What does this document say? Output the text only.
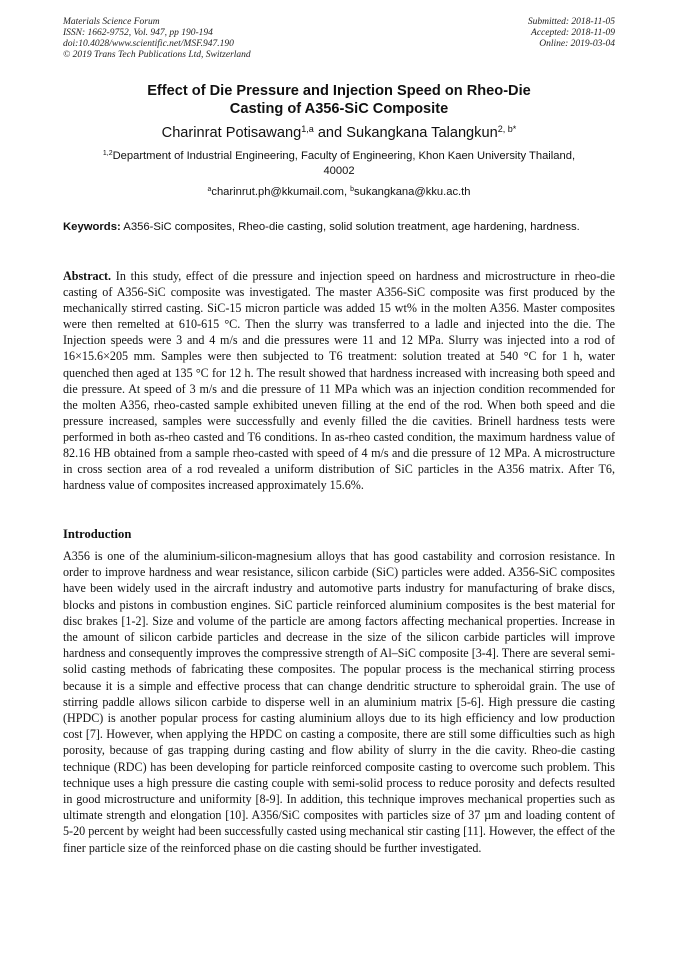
Materials Science Forum
ISSN: 1662-9752, Vol. 947, pp 190-194
doi:10.4028/www.scientific.net/MSF.947.190
© 2019 Trans Tech Publications Ltd, Switzerland
Submitted: 2018-11-05
Accepted: 2018-11-09
Online: 2019-03-04
Effect of Die Pressure and Injection Speed on Rheo-Die
Casting of A356-SiC Composite
Charinrat Potisawang$^{1,a}$ and Sukangkana Talangkun$^{2, b*}$
$^{1,2}$Department of Industrial Engineering, Faculty of Engineering, Khon Kaen University Thailand,
40002
$^a$charinrut.ph@kkumail.com, $^b$sukangkana@kku.ac.th
Keywords: A356-SiC composites, Rheo-die casting, solid solution treatment, age hardening, hardness.
Abstract. In this study, effect of die pressure and injection speed on hardness and microstructure in rheo-die casting of A356-SiC composite was investigated. The master A356-SiC composite was first produced by the mechanically stirred casting. SiC-15 micron particle was added 15 wt% in the molten A356. Master composites were then remelted at 610-615 °C. Then the slurry was transferred to a ladle and injected into the die. The Injection speeds were 3 and 4 m/s and die pressures were 11 and 12 MPa. Slurry was injected into a rod of 16×15.6×205 mm. Samples were then subjected to T6 treatment: solution treated at 540 °C for 1 h, water quenched then aged at 135 °C for 12 h. The result showed that hardness increased with increasing both speed and die pressure. At speed of 3 m/s and die pressure of 11 MPa which was an injection condition recommended for the molten A356, rheo-casted sample exhibited uneven filling at the end of the rod. When both speed and die pressure increased, samples were successfully and evenly filled the die cavities. Brinell hardness tests were performed in both as-rheo casted and T6 conditions. In as-rheo casted condition, the maximum hardness value of 82.16 HB obtained from a sample rheo-casted with speed of 4 m/s and die pressure of 12 MPa. A microstructure in cross section area of a rod revealed a uniform distribution of SiC particles in the A356 matrix. After T6, hardness value of composites increased approximately 15.6%.
Introduction
A356 is one of the aluminium-silicon-magnesium alloys that has good castability and corrosion resistance. In order to improve hardness and wear resistance, silicon carbide (SiC) particles were added. A356-SiC composites have been widely used in the aircraft industry and automotive parts industry for manufacturing of brake discs, blocks and pistons in combustion engines. SiC particle reinforced aluminium composites is the best material for disc brakes [1-2]. Size and volume of the particle are among factors affecting mechanical properties. Increase in the amount of silicon carbide particles and decrease in the size of the silicon carbide particles will improve hardness and consequently improves the compressive strength of Al–SiC composite [3-4]. There are several semi-solid casting methods of fabricating these composites. The popular process is the mechanical stirring process because it is a simple and effective process that can change dendritic structure to spheroidal grain. The use of stirring paddle allows silicon carbide to disperse well in an aluminium matrix [5-6]. High pressure die casting (HPDC) is another popular process for casting aluminium alloys due to its high efficiency and low production cost [7]. However, when applying the HPDC on casting a composite, there are still some difficulties such as high porosity, because of gas trapping during casting and flow ability of slurry in the die cavity. Rheo-die casting technique (RDC) has been developing for particle reinforced composite casting to overcome such problem. This technique uses a high pressure die casting couple with semi-solid process to reduce porosity and defects resulted in good microstructure and uniformity [8-9]. In addition, this technique improves mechanical properties such as ultimate strength and elongation [10]. A356/SiC composites with particles size of 37 µm and loading content of 5-20 percent by weight had been successfully casted using mechanical stir casting [11]. However, the effect of the finer particle size of the reinforced phase on die casting should be further investigated.
